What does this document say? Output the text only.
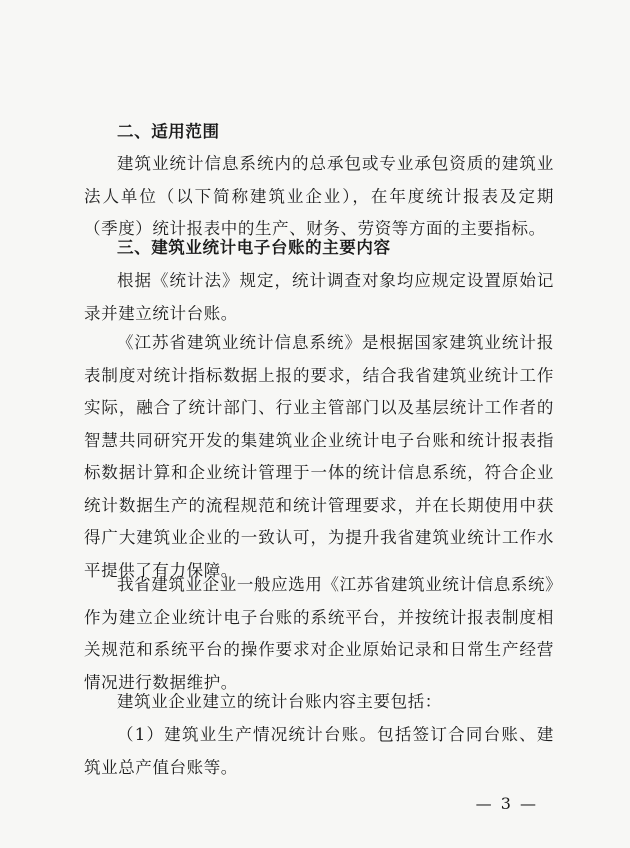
二、适用范围

建筑业统计信息系统内的总承包或专业承包资质的建筑业法人单位（以下简称建筑业企业），在年度统计报表及定期（季度）统计报表中的生产、财务、劳资等方面的主要指标。

三、建筑业统计电子台账的主要内容

根据《统计法》规定，统计调查对象均应规定设置原始记录并建立统计台账。

《江苏省建筑业统计信息系统》是根据国家建筑业统计报表制度对统计指标数据上报的要求，结合我省建筑业统计工作实际，融合了统计部门、行业主管部门以及基层统计工作者的智慧共同研究开发的集建筑业企业统计电子台账和统计报表指标数据计算和企业统计管理于一体的统计信息系统，符合企业统计数据生产的流程规范和统计管理要求，并在长期使用中获得广大建筑业企业的一致认可，为提升我省建筑业统计工作水平提供了有力保障。

我省建筑业企业一般应选用《江苏省建筑业统计信息系统》作为建立企业统计电子台账的系统平台，并按统计报表制度相关规范和系统平台的操作要求对企业原始记录和日常生产经营情况进行数据维护。

建筑业企业建立的统计台账内容主要包括：

（1）建筑业生产情况统计台账。包括签订合同台账、建筑业总产值台账等。

— 3 —
